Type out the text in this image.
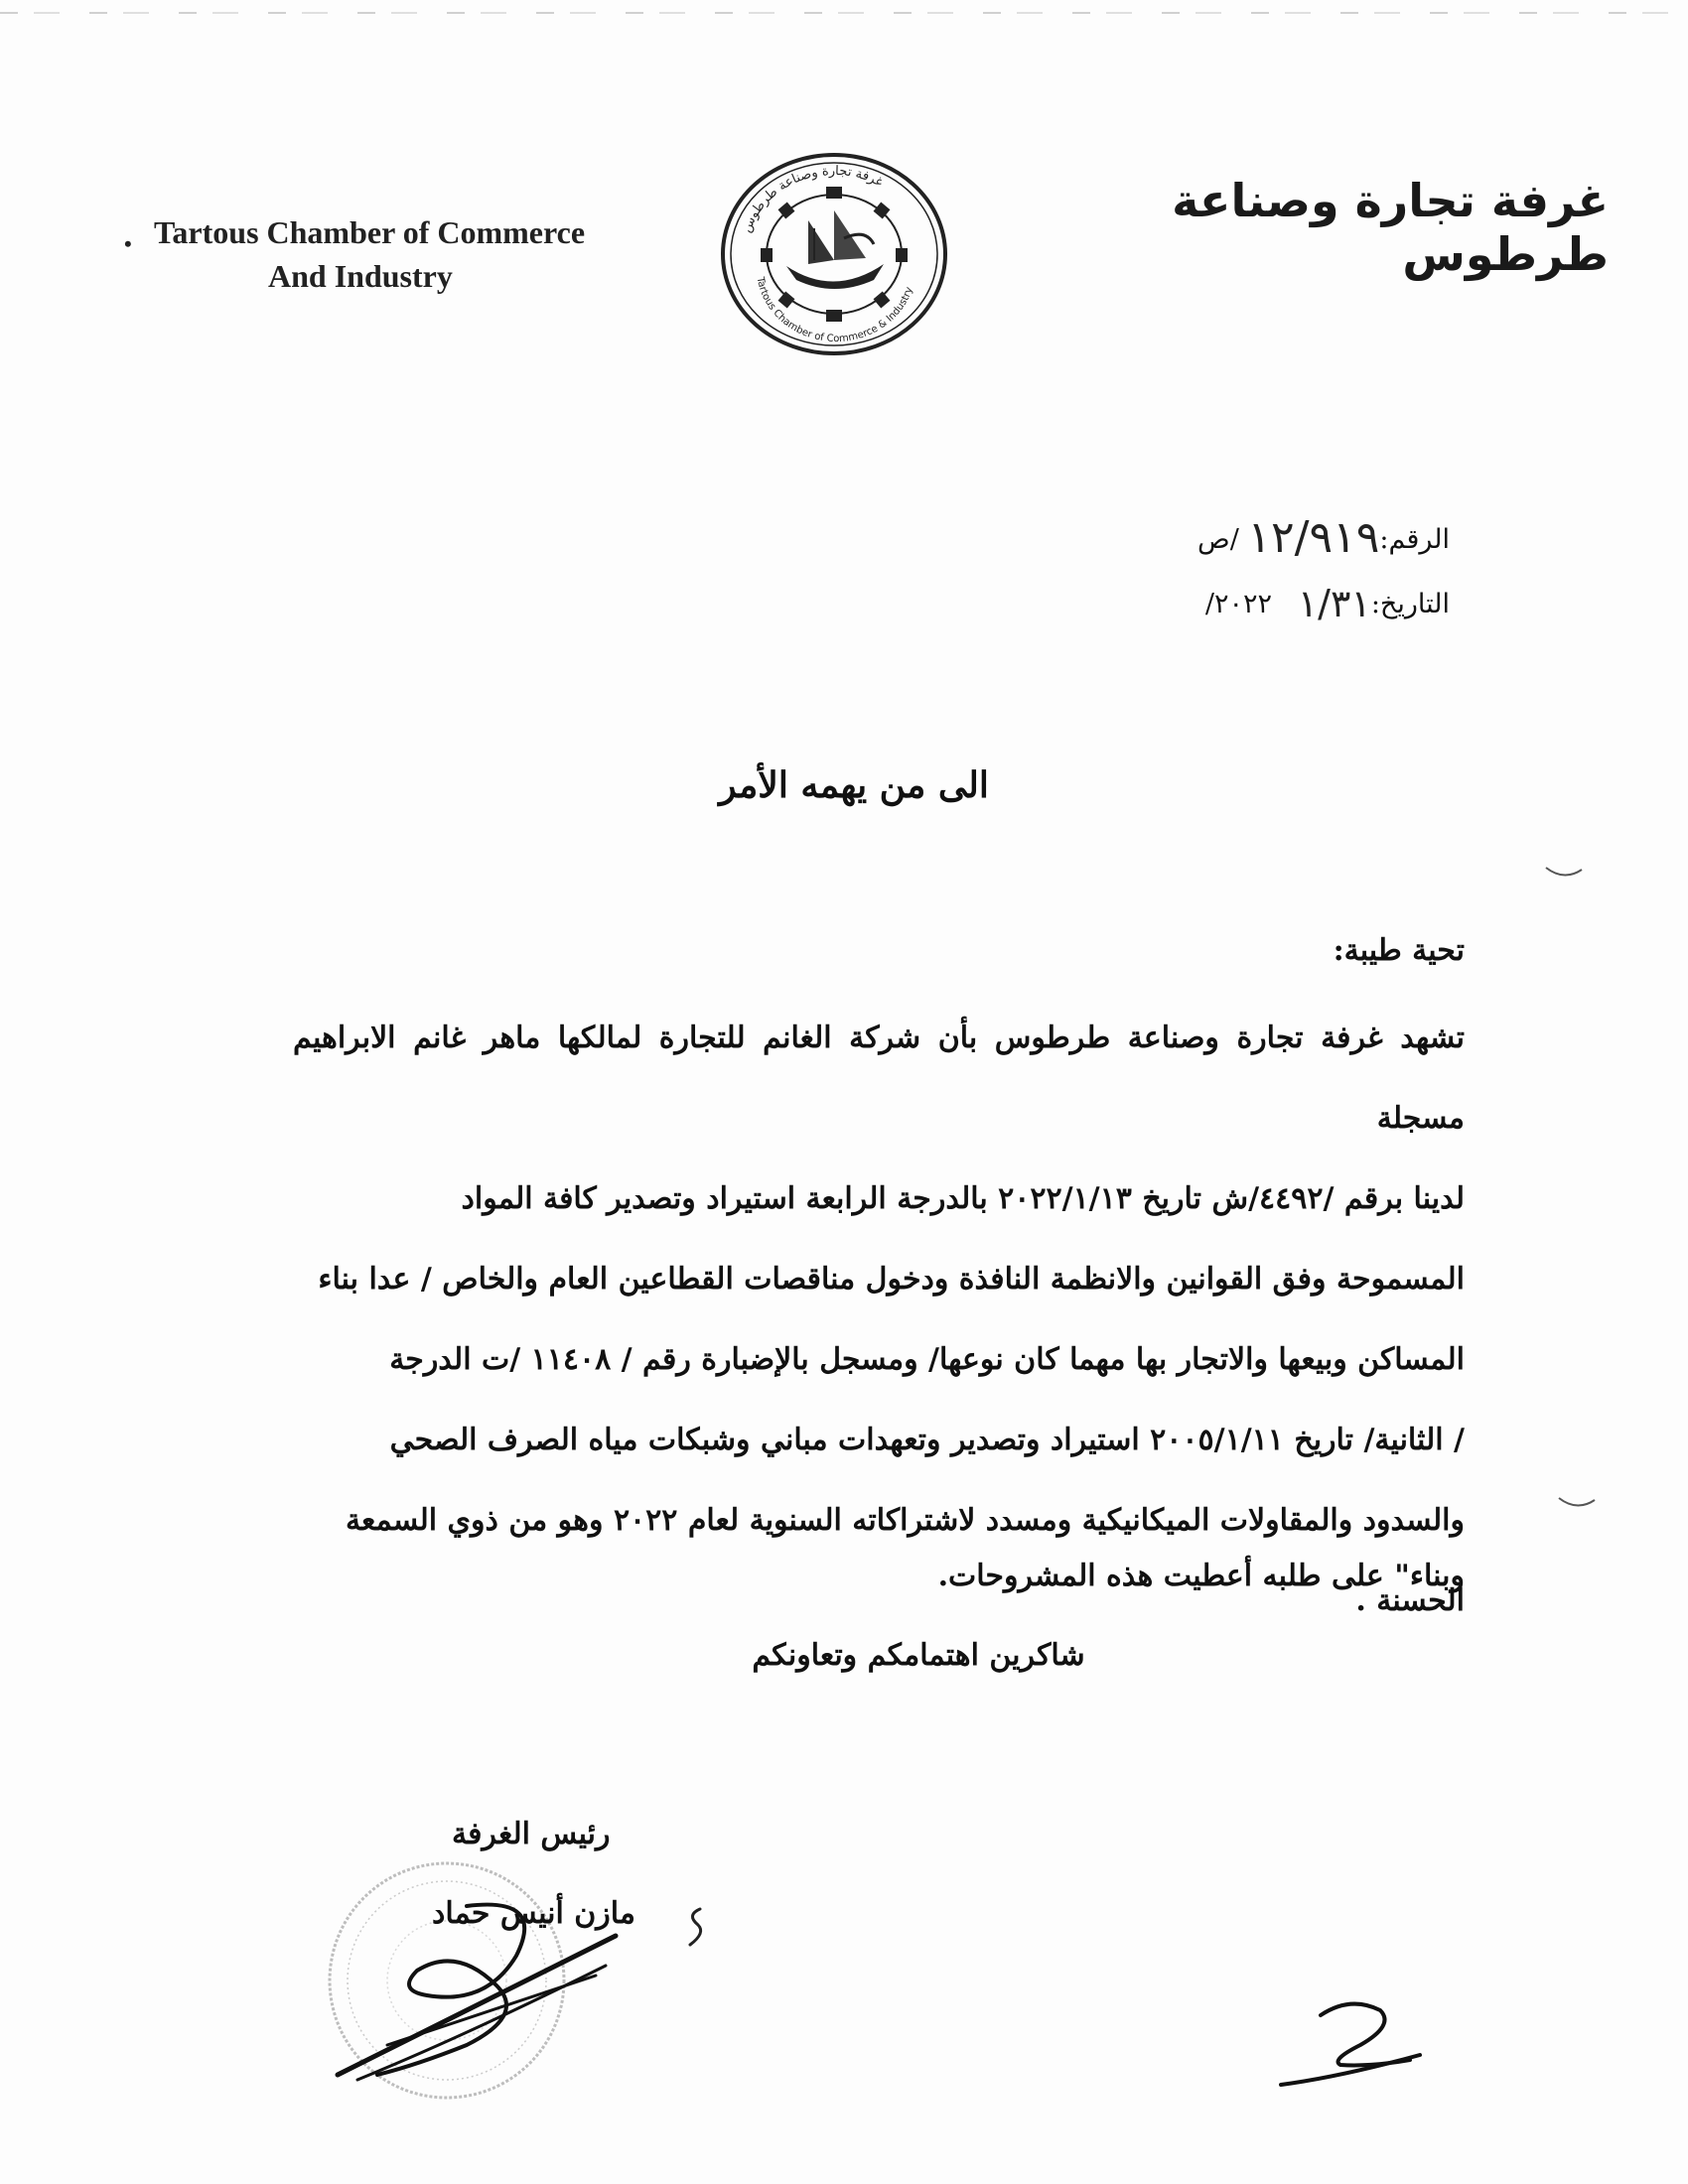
• Tartous Chamber of Commerce
And Industry
غرفة تجارة وصناعة طرطوس
Tartous Chamber of Commerce & Industry
غرفة تجارة وصناعة طرطوس
الرقم:١٢/٩١٩ /ص
التاريخ:١/٣١   ٢٠٢٢/
الى من يهمه الأمر
تحية طيبة:
تشهد غرفة تجارة وصناعة طرطوس بأن شركة الغانم للتجارة لمالكها ماهر غانم الابراهيم مسجلة
لدينا برقم /٤٤٩٢/ش تاريخ ٢٠٢٢/١/١٣ بالدرجة الرابعة استيراد وتصدير كافة المواد
المسموحة وفق القوانين والانظمة النافذة ودخول مناقصات القطاعين العام والخاص / عدا بناء
المساكن وبيعها والاتجار بها مهما كان نوعها/ ومسجل بالإضبارة رقم / ١١٤٠٨ /ت الدرجة
/ الثانية/ تاريخ ٢٠٠٥/١/١١ استيراد وتصدير وتعهدات مباني وشبكات مياه الصرف الصحي
والسدود والمقاولات الميكانيكية ومسدد لاشتراكاته السنوية لعام ٢٠٢٢ وهو من ذوي السمعة
الحسنة .
وبناء" على طلبه أعطيت هذه المشروحات.
شاكرين اهتمامكم وتعاونكم
رئيس الغرفة
مازن أنيس حماد
